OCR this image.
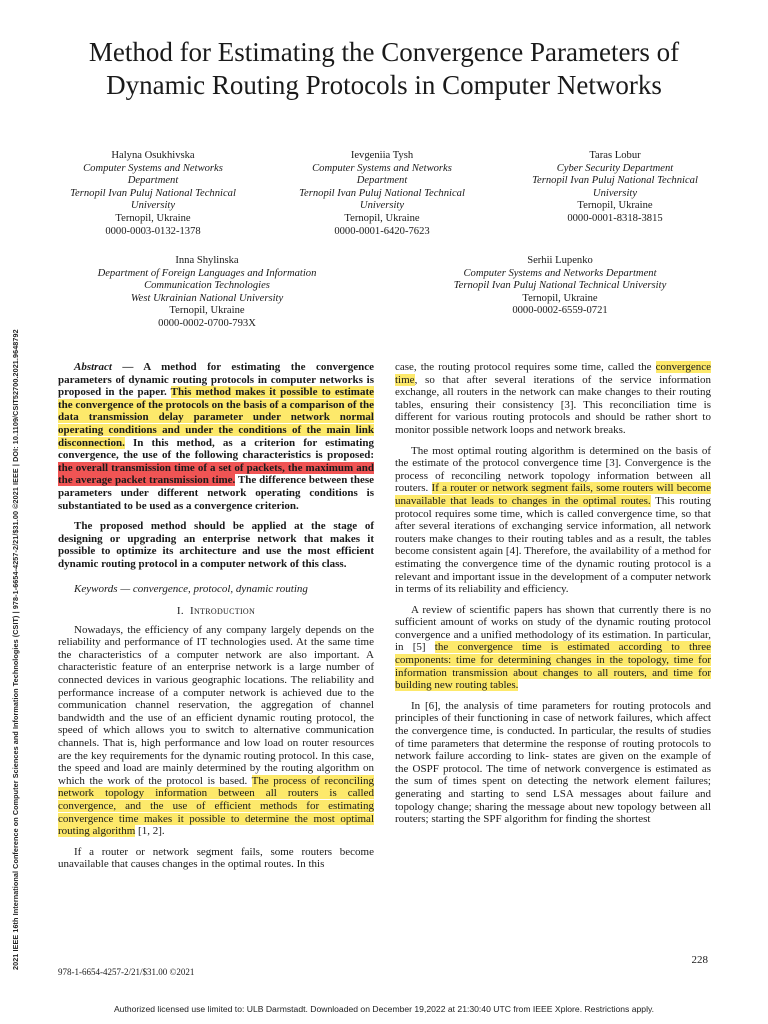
Method for Estimating the Convergence Parameters of Dynamic Routing Protocols in Computer Networks
2021 IEEE 16th International Conference on Computer Sciences and Information Technologies (CSIT) | 978-1-6654-4257-2/21/$31.00 ©2021 IEEE | DOI: 10.1109/CSIT52700.2021.9648792
Halyna Osukhivska
Computer Systems and Networks Department
Ternopil Ivan Puluj National Technical University
Ternopil, Ukraine
0000-0003-0132-1378
Ievgeniia Tysh
Computer Systems and Networks Department
Ternopil Ivan Puluj National Technical University
Ternopil, Ukraine
0000-0001-6420-7623
Taras Lobur
Cyber Security Department
Ternopil Ivan Puluj National Technical University
Ternopil, Ukraine
0000-0001-8318-3815
Inna Shylinska
Department of Foreign Languages and Information Communication Technologies
West Ukrainian National University
Ternopil, Ukraine
0000-0002-0700-793X
Serhii Lupenko
Computer Systems and Networks Department
Ternopil Ivan Puluj National Technical University
Ternopil, Ukraine
0000-0002-6559-0721

Abstract — A method for estimating the convergence parameters of dynamic routing protocols in computer networks is proposed in the paper. This method makes it possible to estimate the convergence of the protocols on the basis of a comparison of the data transmission delay parameter under network normal operating conditions and under the conditions of the main link disconnection. In this method, as a criterion for estimating convergence, the use of the following characteristics is proposed: the overall transmission time of a set of packets, the maximum and the average packet transmission time. The difference between these parameters under different network operating conditions is substantiated to be used as a convergence criterion.

The proposed method should be applied at the stage of designing or upgrading an enterprise network that makes it possible to optimize its architecture and use the most efficient dynamic routing protocol in a computer network of this class.

Keywords — convergence, protocol, dynamic routing

I. Introduction

Nowadays, the efficiency of any company largely depends on the reliability and performance of IT technologies used. At the same time the characteristics of a computer network are also important. A characteristic feature of an enterprise network is a large number of connected devices in various geographic locations. The reliability and performance increase of a computer network is achieved due to the communication channel reservation, the aggregation of channel bandwidth and the use of an efficient dynamic routing protocol, the speed of which allows you to switch to alternative communication channels. That is, high performance and low load on router resources are the key requirements for the dynamic routing protocol. In this case, the speed and load are mainly determined by the routing algorithm on which the work of the protocol is based. The process of reconciling network topology information between all routers is called convergence, and the use of efficient methods for estimating convergence time makes it possible to determine the most optimal routing algorithm [1, 2].

If a router or network segment fails, some routers become unavailable that causes changes in the optimal routes. In this

case, the routing protocol requires some time, called the convergence time, so that after several iterations of the service information exchange, all routers in the network can make changes to their routing tables, ensuring their consistency [3]. This reconciliation time is different for various routing protocols and should be rather short to monitor possible network loops and network breaks.

The most optimal routing algorithm is determined on the basis of the estimate of the protocol convergence time [3]. Convergence is the process of reconciling network topology information between all routers. If a router or network segment fails, some routers will become unavailable that leads to changes in the optimal routes. This routing protocol requires some time, which is called convergence time, so that after several iterations of exchanging service information, all network routers make changes to their routing tables and as a result, the tables become consistent again [4]. Therefore, the availability of a method for estimating the convergence time of the dynamic routing protocol is a relevant and important issue in the development of a computer network in terms of its reliability and efficiency.

A review of scientific papers has shown that currently there is no sufficient amount of works on study of the dynamic routing protocol convergence and a unified methodology of its estimation. In particular, in [5] the convergence time is estimated according to three components: time for determining changes in the topology, time for information transmission about changes to all routers, and time for building new routing tables.

In [6], the analysis of time parameters for routing protocols and principles of their functioning in case of network failures, which affect the convergence time, is conducted. In particular, the results of studies of time parameters that determine the response of routing protocols to network failure according to link- states are given on the example of the OSPF protocol. The time of network convergence is estimated as the sum of times spent on detecting the network element failures; generating and starting to send LSA messages about failure and topology change; sharing the message about new topology between all routers; starting the SPF algorithm for finding the shortest

228
978-1-6654-4257-2/21/$31.00 ©2021
Authorized licensed use limited to: ULB Darmstadt. Downloaded on December 19,2022 at 21:30:40 UTC from IEEE Xplore. Restrictions apply.
